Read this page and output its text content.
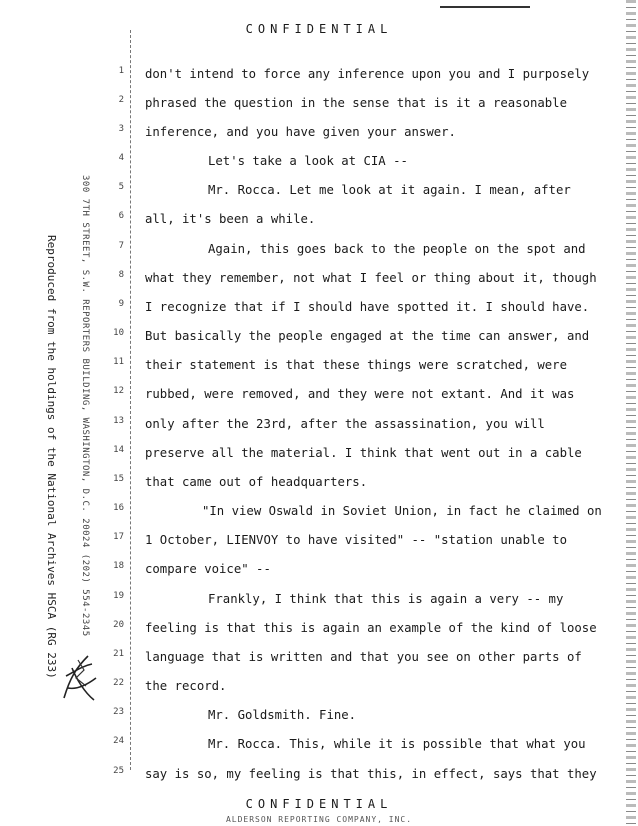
CONFIDENTIAL
Reproduced from the holdings of the National Archives HSCA (RG 233) 300 7TH STREET, S.W. REPORTERS BUILDING, WASHINGTON, D.C. 20024 (202) 554-2345
1 don't intend to force any inference upon you and I purposely
2 phrased the question in the sense that is it a reasonable
3 inference, and you have given your answer.
4	Let's take a look at CIA --
5	Mr. Rocca. Let me look at it again. I mean, after
6 all, it's been a while.
7	Again, this goes back to the people on the spot and
8 what they remember, not what I feel or thing about it, though
9 I recognize that if I should have spotted it. I should have.
10 But basically the people engaged at the time can answer, and
11 their statement is that these things were scratched, were
12 rubbed, were removed, and they were not extant. And it was
13 only after the 23rd, after the assassination, you will
14 preserve all the material. I think that went out in a cable
15 that came out of headquarters.
16	"In view Oswald in Soviet Union, in fact he claimed on
17 1 October, LIENVOY to have visited" -- "station unable to
18 compare voice" --
19	Frankly, I think that this is again a very -- my
20 feeling is that this is again an example of the kind of loose
21 language that is written and that you see on other parts of
22 the record.
23	Mr. Goldsmith. Fine.
24	Mr. Rocca. This, while it is possible that what you
25 say is so, my feeling is that this, in effect, says that they
CONFIDENTIAL
ALDERSON REPORTING COMPANY, INC.
